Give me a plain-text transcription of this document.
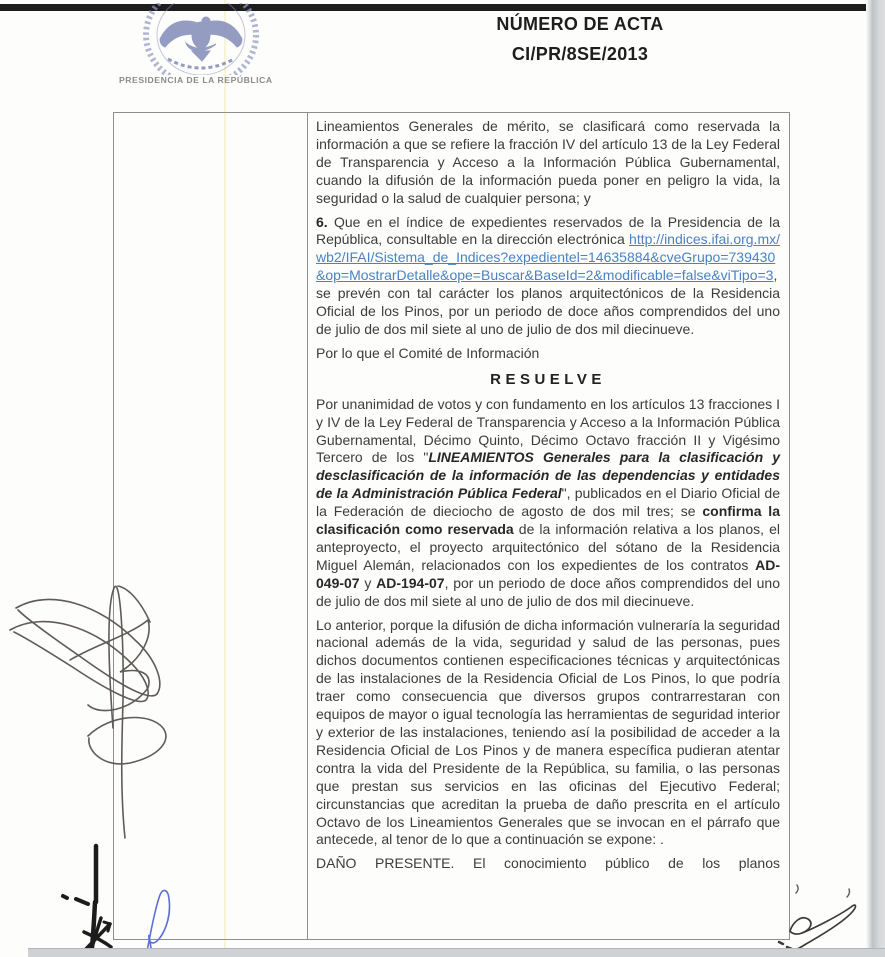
PRESIDENCIA DE LA REPÚBLICA
NÚMERO DE ACTA
CI/PR/8SE/2013

Lineamientos Generales de mérito, se clasificará como reservada la información a que se refiere la fracción IV del artículo 13 de la Ley Federal de Transparencia y Acceso a la Información Pública Gubernamental, cuando la difusión de la información pueda poner en peligro la vida, la seguridad o la salud de cualquier persona; y

6. Que en el índice de expedientes reservados de la Presidencia de la República, consultable en la dirección electrónica http://indices.ifai.org.mx/wb2/IFAI/Sistema_de_Indices?expedientel=14635884&cveGrupo=739430&op=MostrarDetalle&ope=Buscar&BaseId=2&modificable=false&viTipo=3, se prevén con tal carácter los planos arquitectónicos de la Residencia Oficial de los Pinos, por un periodo de doce años comprendidos del uno de julio de dos mil siete al uno de julio de dos mil diecinueve.

Por lo que el Comité de Información

RESUELVE

Por unanimidad de votos y con fundamento en los artículos 13 fracciones I y IV de la Ley Federal de Transparencia y Acceso a la Información Pública Gubernamental, Décimo Quinto, Décimo Octavo fracción II y Vigésimo Tercero de los "LINEAMIENTOS Generales para la clasificación y desclasificación de la información de las dependencias y entidades de la Administración Pública Federal", publicados en el Diario Oficial de la Federación de dieciocho de agosto de dos mil tres; se confirma la clasificación como reservada de la información relativa a los planos, el anteproyecto, el proyecto arquitectónico del sótano de la Residencia Miguel Alemán, relacionados con los expedientes de los contratos AD-049-07 y AD-194-07, por un periodo de doce años comprendidos del uno de julio de dos mil siete al uno de julio de dos mil diecinueve.

Lo anterior, porque la difusión de dicha información vulneraría la seguridad nacional además de la vida, seguridad y salud de las personas, pues dichos documentos contienen especificaciones técnicas y arquitectónicas de las instalaciones de la Residencia Oficial de Los Pinos, lo que podría traer como consecuencia que diversos grupos contrarrestaran con equipos de mayor o igual tecnología las herramientas de seguridad interior y exterior de las instalaciones, teniendo así la posibilidad de acceder a la Residencia Oficial de Los Pinos y de manera específica pudieran atentar contra la vida del Presidente de la República, su familia, o las personas que prestan sus servicios en las oficinas del Ejecutivo Federal; circunstancias que acreditan la prueba de daño prescrita en el artículo Octavo de los Lineamientos Generales que se invocan en el párrafo que antecede, al tenor de lo que a continuación se expone: .

DAÑO PRESENTE. El conocimiento público de los planos
